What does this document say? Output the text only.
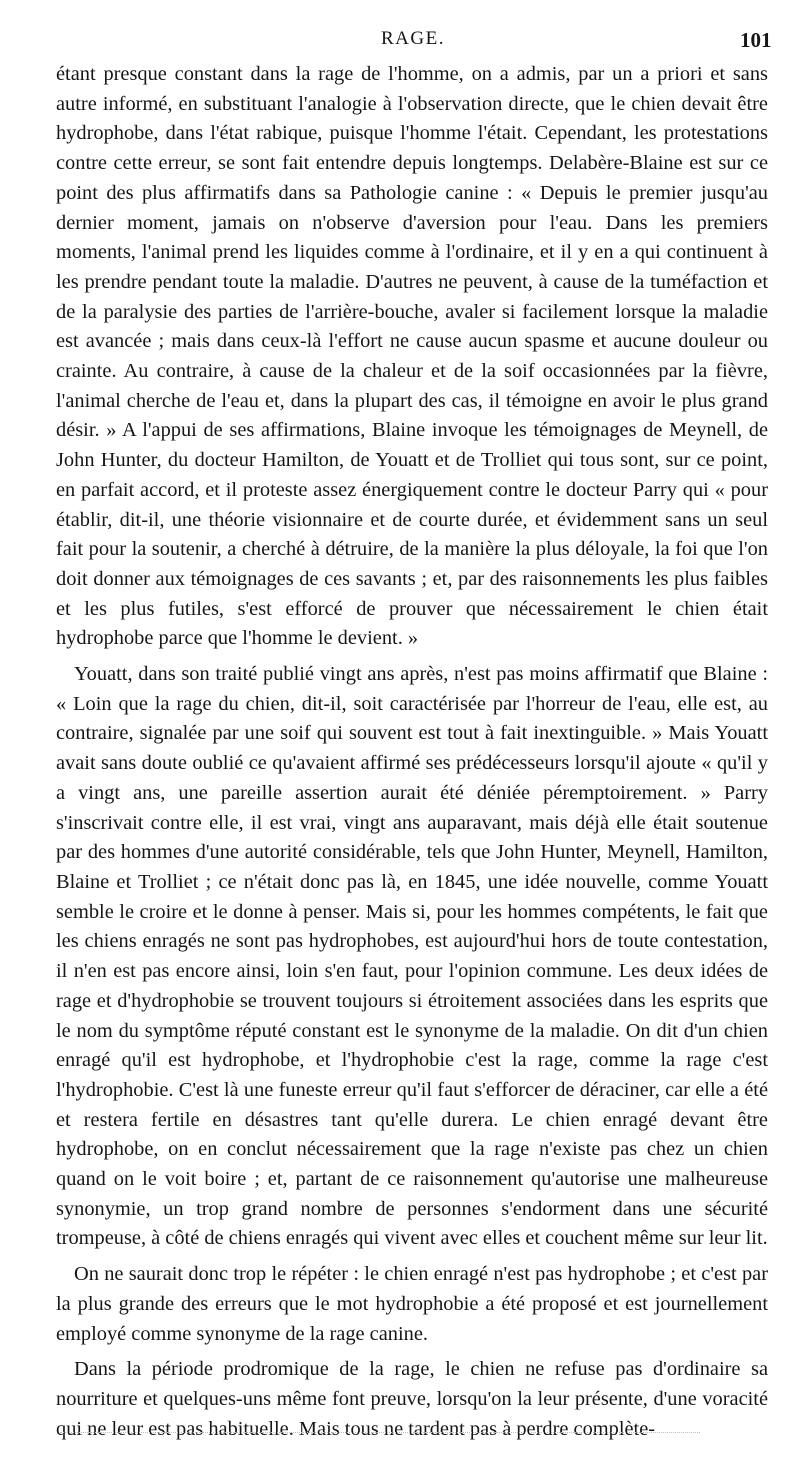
RAGE.	101

étant presque constant dans la rage de l'homme, on a admis, par un a priori et sans autre informé, en substituant l'analogie à l'observation directe, que le chien devait être hydrophobe, dans l'état rabique, puisque l'homme l'était. Cependant, les protestations contre cette erreur, se sont fait entendre depuis longtemps. Delabère-Blaine est sur ce point des plus affirmatifs dans sa Pathologie canine : « Depuis le premier jusqu'au dernier moment, jamais on n'observe d'aversion pour l'eau. Dans les premiers moments, l'animal prend les liquides comme à l'ordinaire, et il y en a qui continuent à les prendre pendant toute la maladie. D'autres ne peuvent, à cause de la tuméfaction et de la paralysie des parties de l'arrière-bouche, avaler si facilement lorsque la maladie est avancée ; mais dans ceux-là l'effort ne cause aucun spasme et aucune douleur ou crainte. Au contraire, à cause de la chaleur et de la soif occasionnées par la fièvre, l'animal cherche de l'eau et, dans la plupart des cas, il témoigne en avoir le plus grand désir. » A l'appui de ses affirmations, Blaine invoque les témoignages de Meynell, de John Hunter, du docteur Hamilton, de Youatt et de Trolliet qui tous sont, sur ce point, en parfait accord, et il proteste assez énergiquement contre le docteur Parry qui « pour établir, dit-il, une théorie visionnaire et de courte durée, et évidemment sans un seul fait pour la soutenir, a cherché à détruire, de la manière la plus déloyale, la foi que l'on doit donner aux témoignages de ces savants ; et, par des raisonnements les plus faibles et les plus futiles, s'est efforcé de prouver que nécessairement le chien était hydrophobe parce que l'homme le devient. »

Youatt, dans son traité publié vingt ans après, n'est pas moins affirmatif que Blaine : « Loin que la rage du chien, dit-il, soit caractérisée par l'horreur de l'eau, elle est, au contraire, signalée par une soif qui souvent est tout à fait inextinguible. » Mais Youatt avait sans doute oublié ce qu'avaient affirmé ses prédécesseurs lorsqu'il ajoute « qu'il y a vingt ans, une pareille assertion aurait été déniée péremptoirement. » Parry s'inscrivait contre elle, il est vrai, vingt ans auparavant, mais déjà elle était soutenue par des hommes d'une autorité considérable, tels que John Hunter, Meynell, Hamilton, Blaine et Trolliet ; ce n'était donc pas là, en 1845, une idée nouvelle, comme Youatt semble le croire et le donne à penser. Mais si, pour les hommes compétents, le fait que les chiens enragés ne sont pas hydrophobes, est aujourd'hui hors de toute contestation, il n'en est pas encore ainsi, loin s'en faut, pour l'opinion commune. Les deux idées de rage et d'hydrophobie se trouvent toujours si étroitement associées dans les esprits que le nom du symptôme réputé constant est le synonyme de la maladie. On dit d'un chien enragé qu'il est hydrophobe, et l'hydrophobie c'est la rage, comme la rage c'est l'hydrophobie. C'est là une funeste erreur qu'il faut s'efforcer de déraciner, car elle a été et restera fertile en désastres tant qu'elle durera. Le chien enragé devant être hydrophobe, on en conclut nécessairement que la rage n'existe pas chez un chien quand on le voit boire ; et, partant de ce raisonnement qu'autorise une malheureuse synonymie, un trop grand nombre de personnes s'endorment dans une sécurité trompeuse, à côté de chiens enragés qui vivent avec elles et couchent même sur leur lit.

On ne saurait donc trop le répéter : le chien enragé n'est pas hydrophobe ; et c'est par la plus grande des erreurs que le mot hydrophobie a été proposé et est journellement employé comme synonyme de la rage canine.

Dans la période prodromique de la rage, le chien ne refuse pas d'ordinaire sa nourriture et quelques-uns même font preuve, lorsqu'on la leur présente, d'une voracité qui ne leur est pas habituelle. Mais tous ne tardent pas à perdre complète-
